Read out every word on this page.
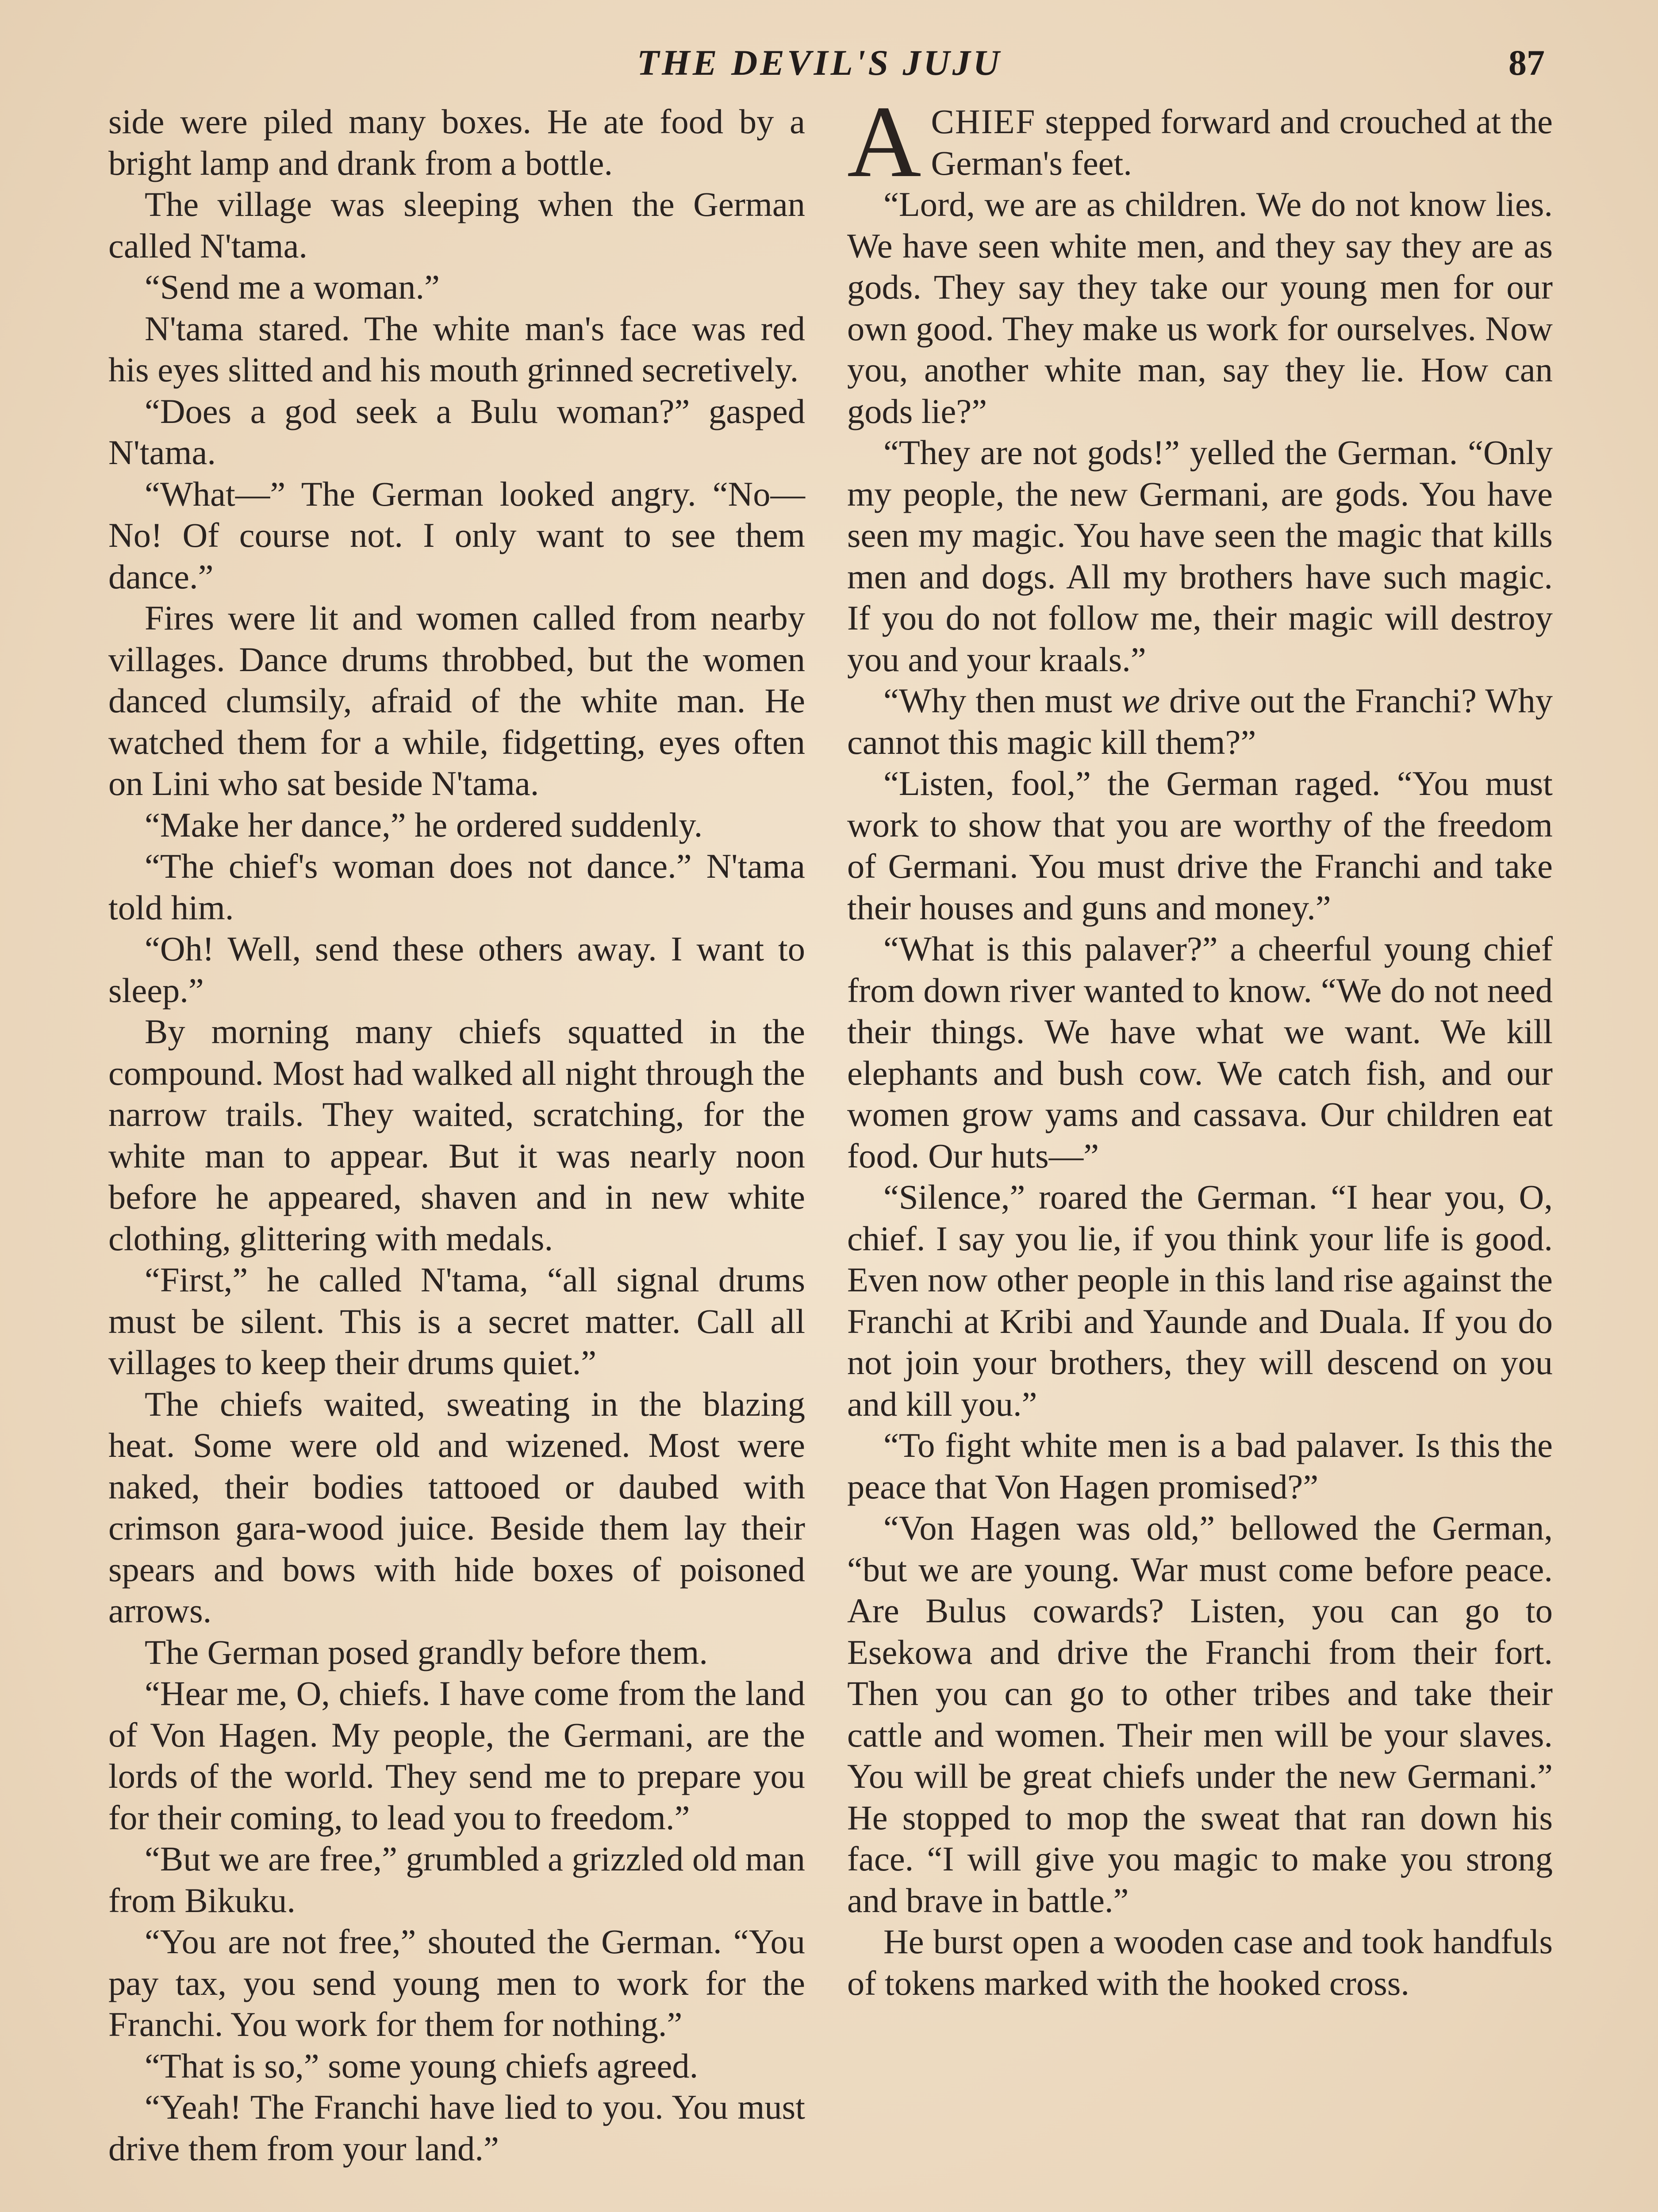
THE DEVIL'S JUJU	87

side were piled many boxes. He ate food by a bright lamp and drank from a bottle.

The village was sleeping when the German called N'tama.

“Send me a woman.”

N'tama stared. The white man's face was red his eyes slitted and his mouth grinned secretively.

“Does a god seek a Bulu woman?” gasped N'tama.

“What—” The German looked angry. “No—No! Of course not. I only want to see them dance.”

Fires were lit and women called from nearby villages. Dance drums throbbed, but the women danced clumsily, afraid of the white man. He watched them for a while, fidgetting, eyes often on Lini who sat beside N'tama.

“Make her dance,” he ordered suddenly.

“The chief's woman does not dance.” N'tama told him.

“Oh! Well, send these others away. I want to sleep.”

By morning many chiefs squatted in the compound. Most had walked all night through the narrow trails. They waited, scratching, for the white man to appear. But it was nearly noon before he appeared, shaven and in new white clothing, glittering with medals.

“First,” he called N'tama, “all signal drums must be silent. This is a secret matter. Call all villages to keep their drums quiet.”

The chiefs waited, sweating in the blazing heat. Some were old and wizened. Most were naked, their bodies tattooed or daubed with crimson gara-wood juice. Beside them lay their spears and bows with hide boxes of poisoned arrows.

The German posed grandly before them.

“Hear me, O, chiefs. I have come from the land of Von Hagen. My people, the Germani, are the lords of the world. They send me to prepare you for their coming, to lead you to freedom.”

“But we are free,” grumbled a grizzled old man from Bikuku.

“You are not free,” shouted the German. “You pay tax, you send young men to work for the Franchi. You work for them for nothing.”

“That is so,” some young chiefs agreed.

“Yeah! The Franchi have lied to you. You must drive them from your land.”

ACHIEF stepped forward and crouched at the German's feet.

“Lord, we are as children. We do not know lies. We have seen white men, and they say they are as gods. They say they take our young men for our own good. They make us work for ourselves. Now you, another white man, say they lie. How can gods lie?”

“They are not gods!” yelled the German. “Only my people, the new Germani, are gods. You have seen my magic. You have seen the magic that kills men and dogs. All my brothers have such magic. If you do not follow me, their magic will destroy you and your kraals.”

“Why then must we drive out the Franchi? Why cannot this magic kill them?”

“Listen, fool,” the German raged. “You must work to show that you are worthy of the freedom of Germani. You must drive the Franchi and take their houses and guns and money.”

“What is this palaver?” a cheerful young chief from down river wanted to know. “We do not need their things. We have what we want. We kill elephants and bush cow. We catch fish, and our women grow yams and cassava. Our children eat food. Our huts—”

“Silence,” roared the German. “I hear you, O, chief. I say you lie, if you think your life is good. Even now other people in this land rise against the Franchi at Kribi and Yaunde and Duala. If you do not join your brothers, they will descend on you and kill you.”

“To fight white men is a bad palaver. Is this the peace that Von Hagen promised?”

“Von Hagen was old,” bellowed the German, “but we are young. War must come before peace. Are Bulus cowards? Listen, you can go to Esekowa and drive the Franchi from their fort. Then you can go to other tribes and take their cattle and women. Their men will be your slaves. You will be great chiefs under the new Germani.” He stopped to mop the sweat that ran down his face. “I will give you magic to make you strong and brave in battle.”

He burst open a wooden case and took handfuls of tokens marked with the hooked cross.
